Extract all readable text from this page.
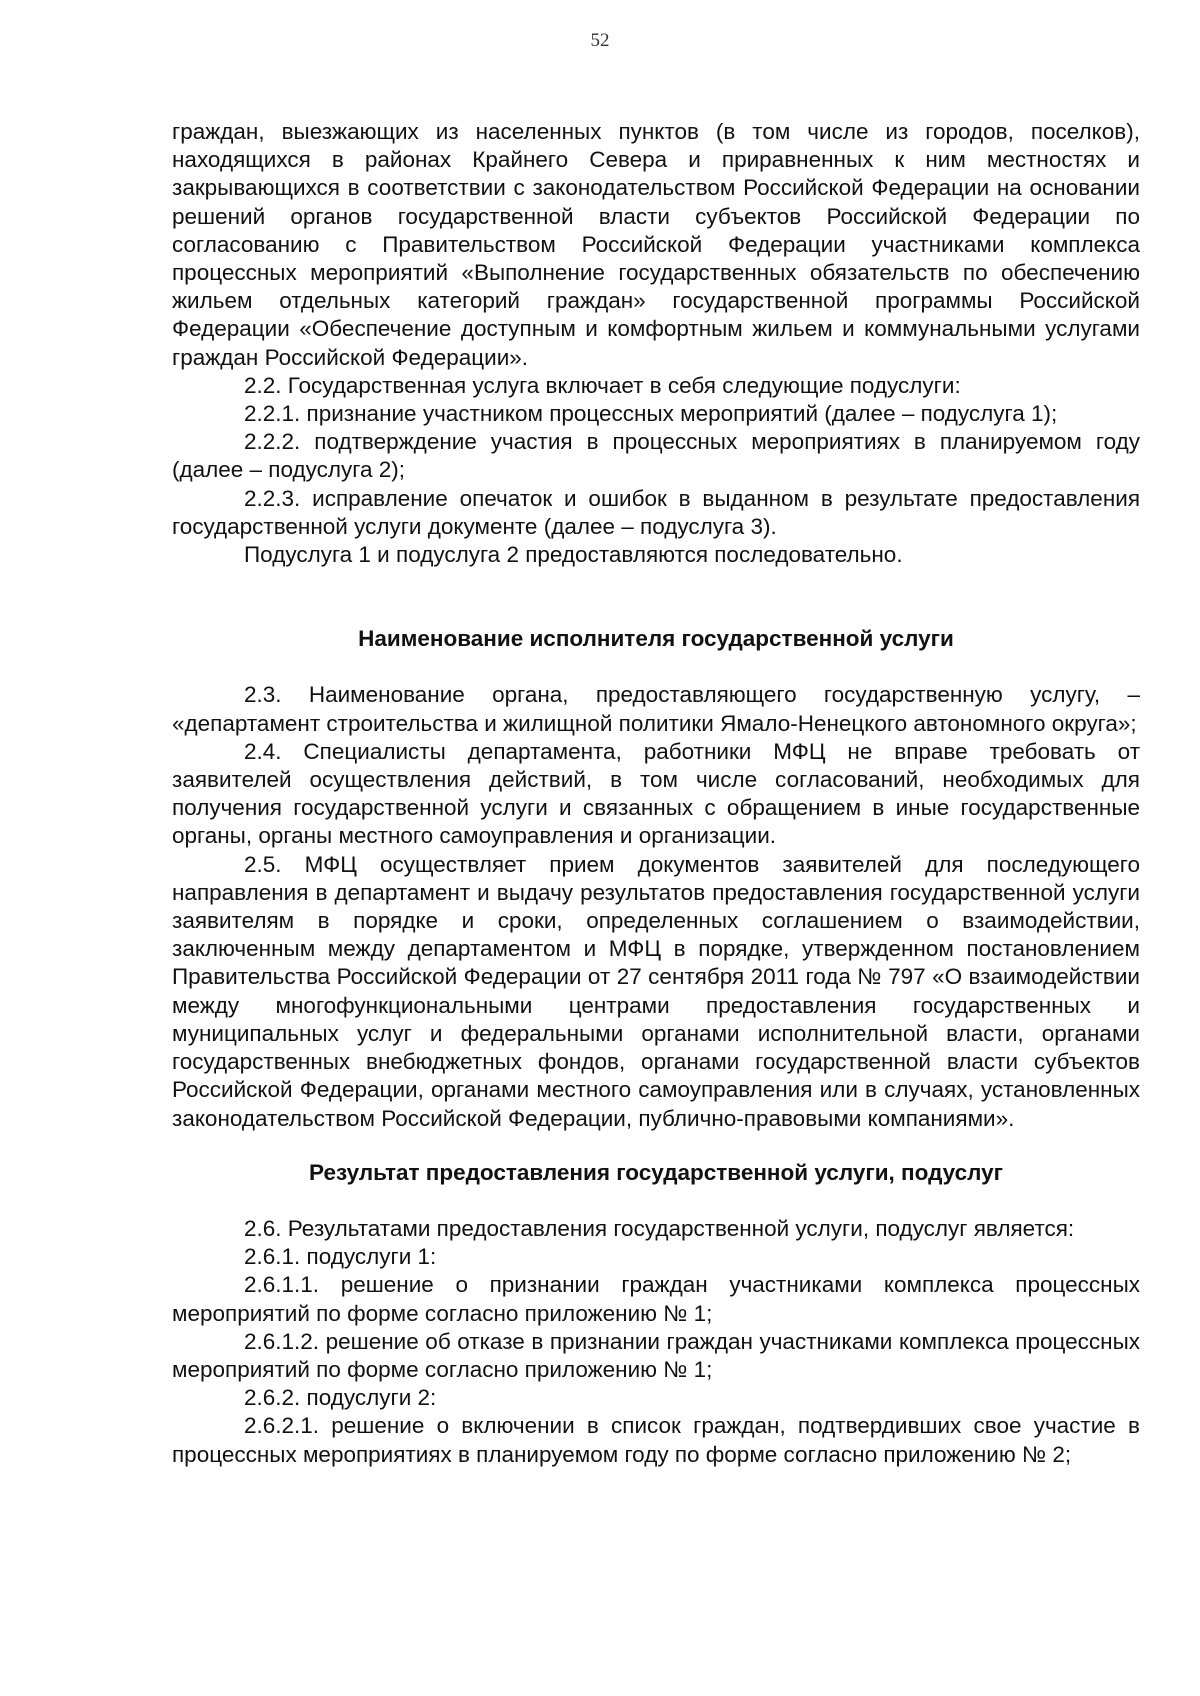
52

граждан, выезжающих из населенных пунктов (в том числе из городов, поселков), находящихся в районах Крайнего Севера и приравненных к ним местностях и закрывающихся в соответствии с законодательством Российской Федерации на основании решений органов государственной власти субъектов Российской Федерации по согласованию с Правительством Российской Федерации участниками комплекса процессных мероприятий «Выполнение государственных обязательств по обеспечению жильем отдельных категорий граждан» государственной программы Российской Федерации «Обеспечение доступным и комфортным жильем и коммунальными услугами граждан Российской Федерации».

2.2. Государственная услуга включает в себя следующие подуслуги:

2.2.1. признание участником процессных мероприятий (далее – подуслуга 1);

2.2.2. подтверждение участия в процессных мероприятиях в планируемом году (далее – подуслуга 2);

2.2.3. исправление опечаток и ошибок в выданном в результате предоставления государственной услуги документе (далее – подуслуга 3).

Подуслуга 1 и подуслуга 2 предоставляются последовательно.

Наименование исполнителя государственной услуги

2.3. Наименование органа, предоставляющего государственную услугу, – «департамент строительства и жилищной политики Ямало-Ненецкого автономного округа»;

2.4. Специалисты департамента, работники МФЦ не вправе требовать от заявителей осуществления действий, в том числе согласований, необходимых для получения государственной услуги и связанных с обращением в иные государственные органы, органы местного самоуправления и организации.

2.5. МФЦ осуществляет прием документов заявителей для последующего направления в департамент и выдачу результатов предоставления государственной услуги заявителям в порядке и сроки, определенных соглашением о взаимодействии, заключенным между департаментом и МФЦ в порядке, утвержденном постановлением Правительства Российской Федерации от 27 сентября 2011 года № 797 «О взаимодействии между многофункциональными центрами предоставления государственных и муниципальных услуг и федеральными органами исполнительной власти, органами государственных внебюджетных фондов, органами государственной власти субъектов Российской Федерации, органами местного самоуправления или в случаях, установленных законодательством Российской Федерации, публично-правовыми компаниями».

Результат предоставления государственной услуги, подуслуг

2.6. Результатами предоставления государственной услуги, подуслуг является:

2.6.1. подуслуги 1:

2.6.1.1. решение о признании граждан участниками комплекса процессных мероприятий по форме согласно приложению № 1;

2.6.1.2. решение об отказе в признании граждан участниками комплекса процессных мероприятий по форме согласно приложению № 1;

2.6.2. подуслуги 2:

2.6.2.1. решение о включении в список граждан, подтвердивших свое участие в процессных мероприятиях в планируемом году по форме согласно приложению № 2;
